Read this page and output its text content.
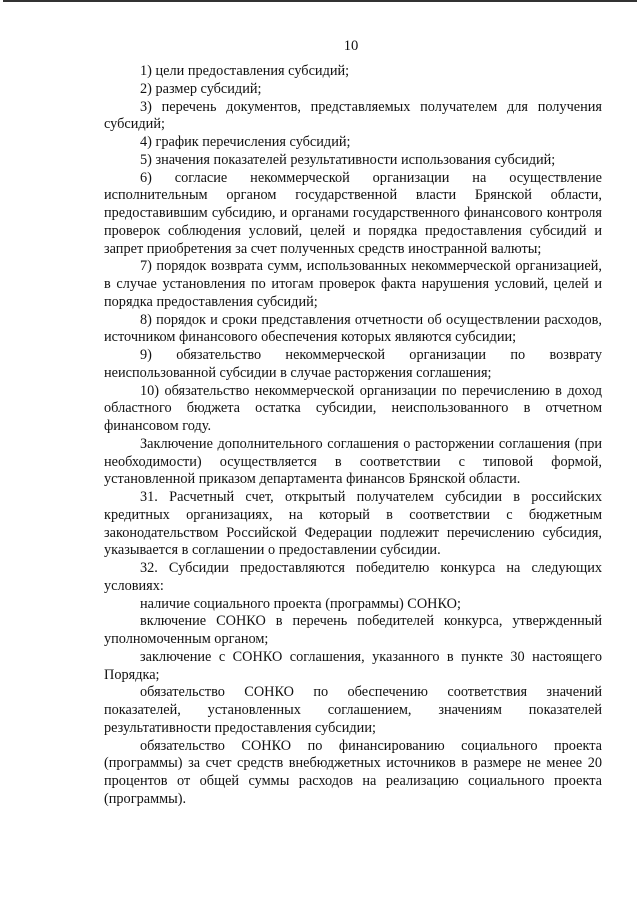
10

1) цели предоставления субсидий;

2) размер субсидий;

3) перечень документов, представляемых получателем для получения субсидий;

4) график перечисления субсидий;

5) значения показателей результативности использования субсидий;

6) согласие некоммерческой организации на осуществление исполнительным органом государственной власти Брянской области, предоставившим субсидию, и органами государственного финансового контроля проверок соблюдения условий, целей и порядка предоставления субсидий и запрет приобретения за счет полученных средств иностранной валюты;

7) порядок возврата сумм, использованных некоммерческой организацией, в случае установления по итогам проверок факта нарушения условий, целей и порядка предоставления субсидий;

8) порядок и сроки представления отчетности об осуществлении расходов, источником финансового обеспечения которых являются субсидии;

9) обязательство некоммерческой организации по возврату неиспользованной субсидии в случае расторжения соглашения;

10) обязательство некоммерческой организации по перечислению в доход областного бюджета остатка субсидии, неиспользованного в отчетном финансовом году.

Заключение дополнительного соглашения о расторжении соглашения (при необходимости) осуществляется в соответствии с типовой формой, установленной приказом департамента финансов Брянской области.

31. Расчетный счет, открытый получателем субсидии в российских кредитных организациях, на который в соответствии с бюджетным законодательством Российской Федерации подлежит перечислению субсидия, указывается в соглашении о предоставлении субсидии.

32. Субсидии предоставляются победителю конкурса на следующих условиях:

наличие социального проекта (программы) СОНКО;

включение СОНКО в перечень победителей конкурса, утвержденный уполномоченным органом;

заключение с СОНКО соглашения, указанного в пункте 30 настоящего Порядка;

обязательство СОНКО по обеспечению соответствия значений показателей, установленных соглашением, значениям показателей результативности предоставления субсидии;

обязательство СОНКО по финансированию социального проекта (программы) за счет средств внебюджетных источников в размере не менее 20 процентов от общей суммы расходов на реализацию социального проекта (программы).
